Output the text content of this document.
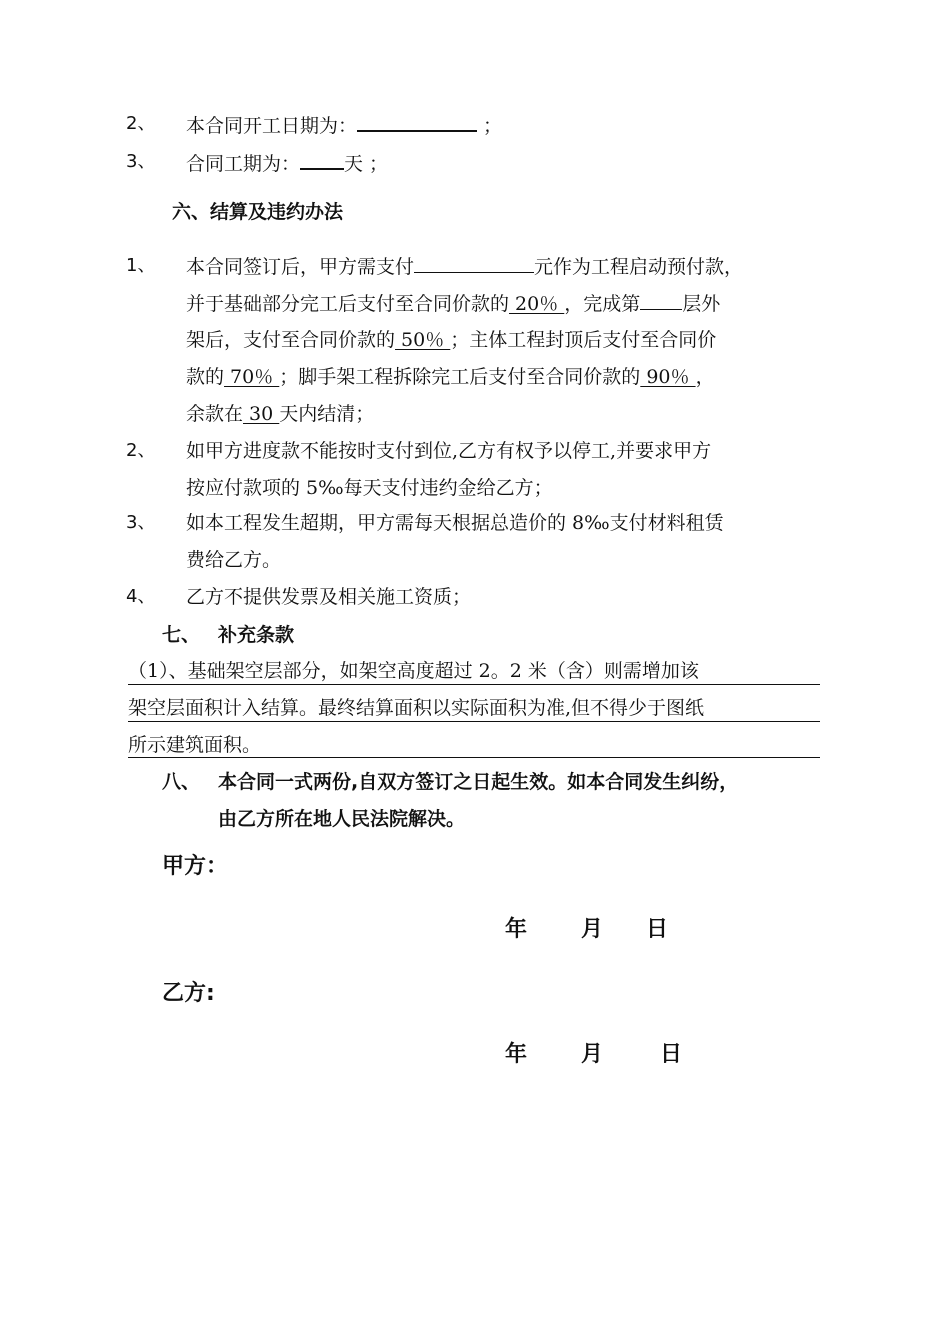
2、 本合同开工日期为：	；
3、 合同工期为： 天 ；
六、结算及违约办法
1、 本合同签订后，甲方需支付	元作为工程启动预付款，
并于基础部分完工后支付至合同价款的 20％ ，完成第 层外
架后，支付至合同价款的 50％ ；主体工程封顶后支付至合同价
款的 70％ ；脚手架工程拆除完工后支付至合同价款的 90％ ，
余款在 30 天内结清；
2、 如甲方进度款不能按时支付到位,乙方有权予以停工,并要求甲方
按应付款项的 5‰每天支付违约金给乙方；
3、 如本工程发生超期，甲方需每天根据总造价的 8‰支付材料租赁
费给乙方。
4、 乙方不提供发票及相关施工资质；
七、 补充条款
（1）、基础架空层部分，如架空高度超过 2。2 米（含）则需增加该
架空层面积计入结算。最终结算面积以实际面积为准,但不得少于图纸
所示建筑面积。
八、 本合同一式两份,自双方签订之日起生效。如本合同发生纠纷，
由乙方所在地人民法院解决。
甲方：
年 月 日
乙方:
年 月	日
